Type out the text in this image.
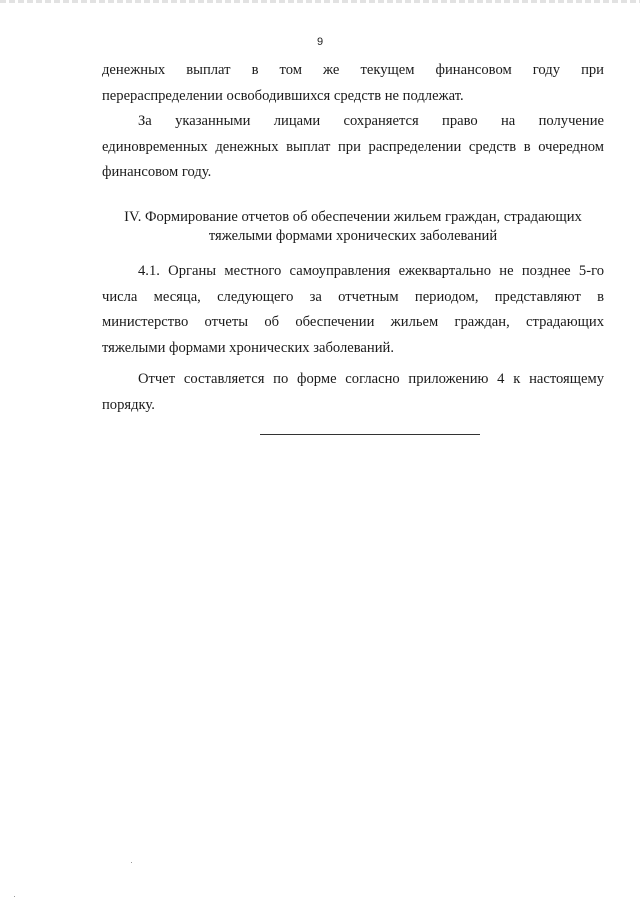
9

денежных выплат в том же текущем финансовом году при

перераспределении освободившихся средств не подлежат.

За указанными лицами сохраняется право на получение

единовременных денежных выплат при распределении средств в очередном

финансовом году.

IV. Формирование отчетов об обеспечении жильем граждан, страдающих
тяжелыми формами хронических заболеваний

4.1. Органы местного самоуправления ежеквартально не позднее 5-го

числа месяца, следующего за отчетным периодом, представляют в

министерство отчеты об обеспечении жильем граждан, страдающих

тяжелыми формами хронических заболеваний.

Отчет составляется по форме согласно приложению 4 к настоящему

порядку.
